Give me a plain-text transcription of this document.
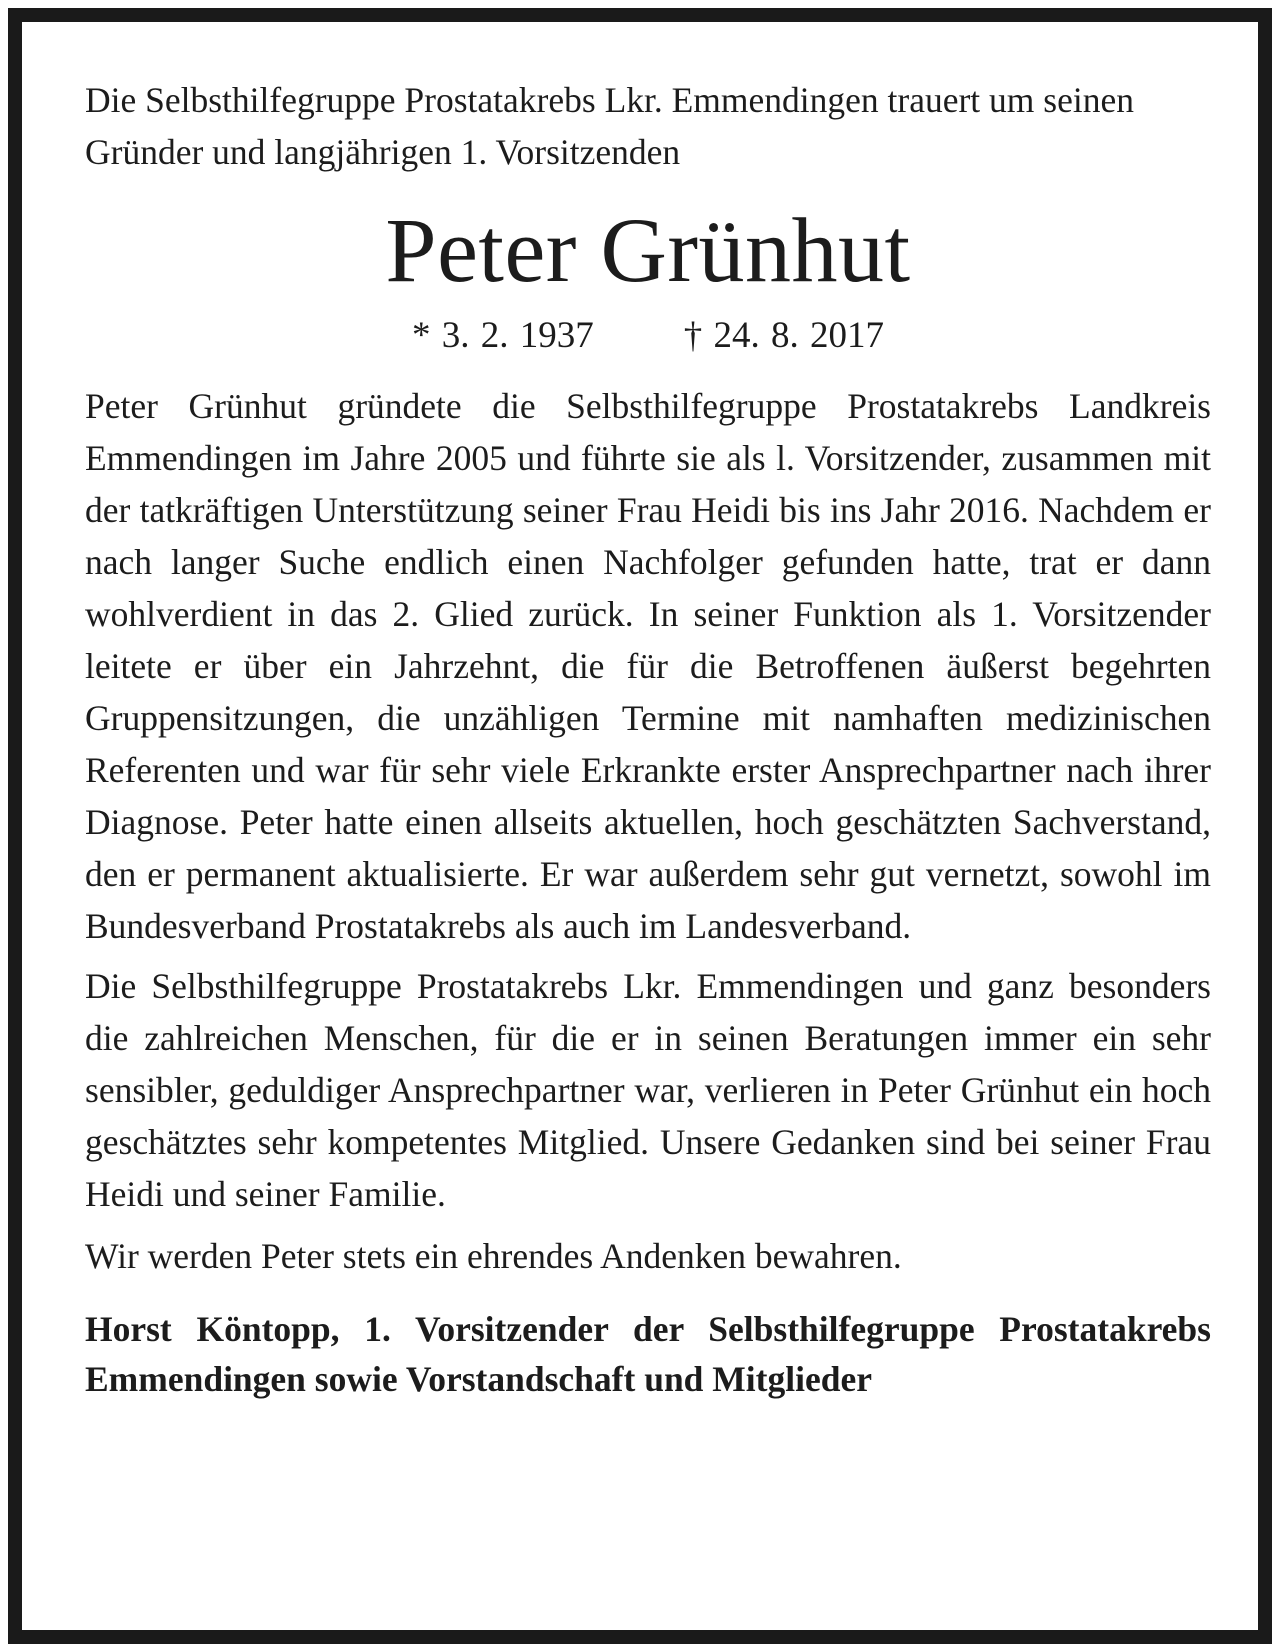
Die Selbsthilfegruppe Prostatakrebs Lkr. Emmendingen trauert um seinen Gründer und langjährigen 1. Vorsitzenden

Peter Grünhut
* 3. 2. 1937 † 24. 8. 2017

Peter Grünhut gründete die Selbsthilfegruppe Prostatakrebs Landkreis Emmendingen im Jahre 2005 und führte sie als l. Vorsitzender, zusammen mit der tatkräftigen Unterstützung seiner Frau Heidi bis ins Jahr 2016. Nachdem er nach langer Suche endlich einen Nachfolger gefunden hatte, trat er dann wohlverdient in das 2. Glied zurück. In seiner Funktion als 1. Vorsitzender leitete er über ein Jahrzehnt, die für die Betroffenen äußerst begehrten Gruppensitzungen, die unzähligen Termine mit namhaften medizinischen Referenten und war für sehr viele Erkrankte erster Ansprechpartner nach ihrer Diagnose. Peter hatte einen allseits aktuellen, hoch geschätzten Sachverstand, den er permanent aktualisierte. Er war außerdem sehr gut vernetzt, sowohl im Bundesverband Prostatakrebs als auch im Landesverband.

Die Selbsthilfegruppe Prostatakrebs Lkr. Emmendingen und ganz besonders die zahlreichen Menschen, für die er in seinen Beratungen immer ein sehr sensibler, geduldiger Ansprechpartner war, verlieren in Peter Grünhut ein hoch geschätztes sehr kompetentes Mitglied. Unsere Gedanken sind bei seiner Frau Heidi und seiner Familie.

Wir werden Peter stets ein ehrendes Andenken bewahren.

Horst Köntopp, 1. Vorsitzender der Selbsthilfegruppe Prostatakrebs Emmendingen sowie Vorstandschaft und Mitglieder
